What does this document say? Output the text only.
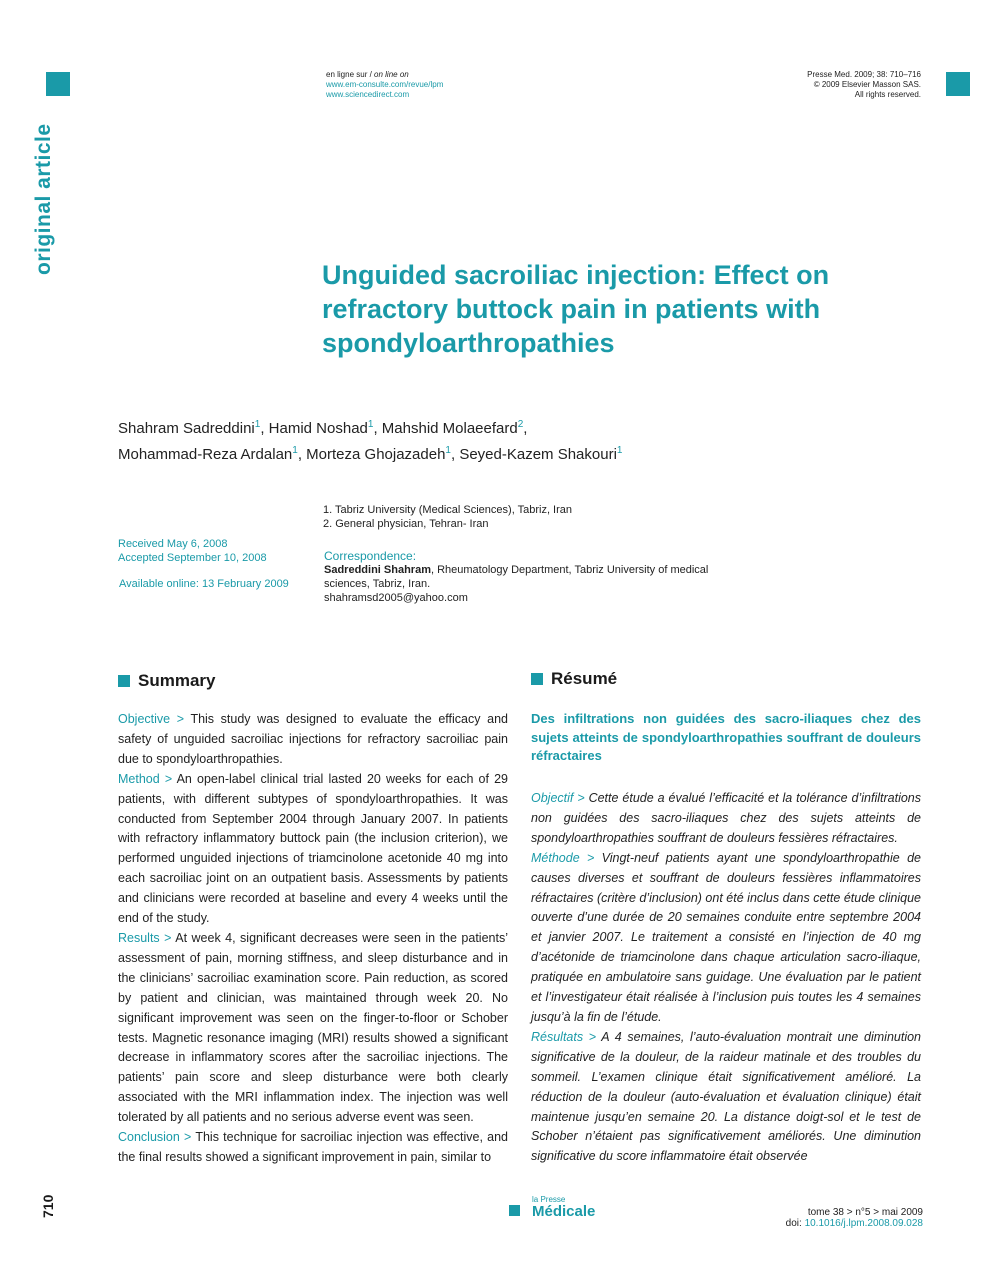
original article
710
en ligne sur / on line on
www.em-consulte.com/revue/lpm
www.sciencedirect.com
Presse Med. 2009; 38: 710–716
© 2009 Elsevier Masson SAS.
All rights reserved.
Unguided sacroiliac injection: Effect on refractory buttock pain in patients with spondyloarthropathies
Shahram Sadreddini$^1$, Hamid Noshad$^1$, Mahshid Molaeefard$^2$,
Mohammad-Reza Ardalan$^1$, Morteza Ghojazadeh$^1$, Seyed-Kazem Shakouri$^1$
1. Tabriz University (Medical Sciences), Tabriz, Iran
2. General physician, Tehran- Iran
Received May 6, 2008
Accepted September 10, 2008
Available online: 13 February 2009
Correspondence:
Sadreddini Shahram, Rheumatology Department, Tabriz University of medical sciences, Tabriz, Iran.
shahramsd2005@yahoo.com
Summary	Résumé

Objective > This study was designed to evaluate the efficacy and safety of unguided sacroiliac injections for refractory sacroiliac pain due to spondyloarthropathies.

Method > An open-label clinical trial lasted 20 weeks for each of 29 patients, with different subtypes of spondyloarthropathies. It was conducted from September 2004 through January 2007. In patients with refractory inflammatory buttock pain (the inclusion criterion), we performed unguided injections of triamcinolone acetonide 40 mg into each sacroiliac joint on an outpatient basis. Assessments by patients and clinicians were recorded at baseline and every 4 weeks until the end of the study.

Results > At week 4, significant decreases were seen in the patients’ assessment of pain, morning stiffness, and sleep disturbance and in the clinicians’ sacroiliac examination score. Pain reduction, as scored by patient and clinician, was maintained through week 20. No significant improvement was seen on the finger-to-floor or Schober tests. Magnetic resonance imaging (MRI) results showed a significant decrease in inflammatory scores after the sacroiliac injections. The patients’ pain score and sleep disturbance were both clearly associated with the MRI inflammation index. The injection was well tolerated by all patients and no serious adverse event was seen.

Conclusion > This technique for sacroiliac injection was effective, and the final results showed a significant improvement in pain, similar to

Des infiltrations non guidées des sacro-iliaques chez des sujets atteints de spondyloarthropathies souffrant de douleurs réfractaires

Objectif > Cette étude a évalué l’efficacité et la tolérance d’infiltrations non guidées des sacro-iliaques chez des sujets atteints de spondyloarthropathies souffrant de douleurs fessières réfractaires.

Méthode > Vingt-neuf patients ayant une spondyloarthropathie de causes diverses et souffrant de douleurs fessières inflammatoires réfractaires (critère d’inclusion) ont été inclus dans cette étude clinique ouverte d’une durée de 20 semaines conduite entre septembre 2004 et janvier 2007. Le traitement a consisté en l’injection de 40 mg d’acétonide de triamcinolone dans chaque articulation sacro-iliaque, pratiquée en ambulatoire sans guidage. Une évaluation par le patient et l’investigateur était réalisée à l’inclusion puis toutes les 4 semaines jusqu’à la fin de l’étude.

Résultats > A 4 semaines, l’auto-évaluation montrait une diminution significative de la douleur, de la raideur matinale et des troubles du sommeil. L’examen clinique était significativement amélioré. La réduction de la douleur (auto-évaluation et évaluation clinique) était maintenue jusqu’en semaine 20. La distance doigt-sol et le test de Schober n’étaient pas significativement améliorés. Une diminution significative du score inflammatoire était observée

la Presse
Médicale	tome 38 > n°5 > mai 2009
doi: 10.1016/j.lpm.2008.09.028
